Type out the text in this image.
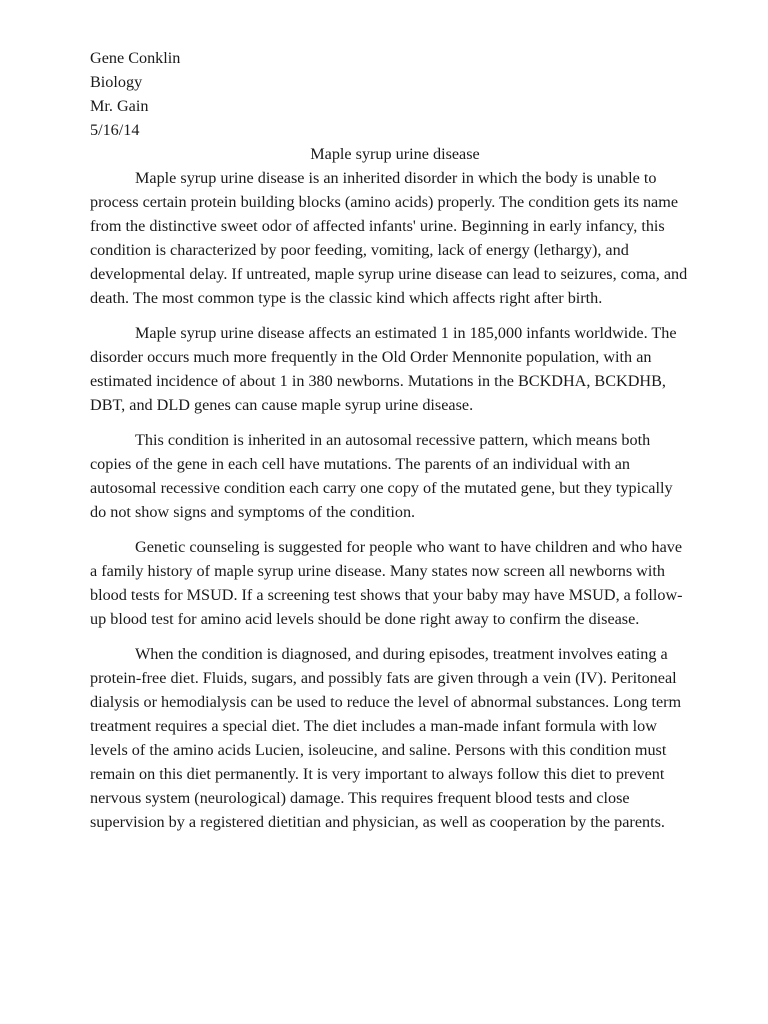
Gene Conklin

Biology

Mr. Gain

5/16/14

Maple syrup urine disease

Maple syrup urine disease is an inherited disorder in which the body is unable to process certain protein building blocks (amino acids) properly. The condition gets its name from the distinctive sweet odor of affected infants' urine. Beginning in early infancy, this condition is characterized by poor feeding, vomiting, lack of energy (lethargy), and developmental delay. If untreated, maple syrup urine disease can lead to seizures, coma, and death. The most common type is the classic kind which affects right after birth.

Maple syrup urine disease affects an estimated 1 in 185,000 infants worldwide. The disorder occurs much more frequently in the Old Order Mennonite population, with an estimated incidence of about 1 in 380 newborns. Mutations in the BCKDHA, BCKDHB, DBT, and DLD genes can cause maple syrup urine disease.

This condition is inherited in an autosomal recessive pattern, which means both copies of the gene in each cell have mutations. The parents of an individual with an autosomal recessive condition each carry one copy of the mutated gene, but they typically do not show signs and symptoms of the condition.

Genetic counseling is suggested for people who want to have children and who have a family history of maple syrup urine disease. Many states now screen all newborns with blood tests for MSUD. If a screening test shows that your baby may have MSUD, a follow-up blood test for amino acid levels should be done right away to confirm the disease.

When the condition is diagnosed, and during episodes, treatment involves eating a protein-free diet. Fluids, sugars, and possibly fats are given through a vein (IV). Peritoneal dialysis or hemodialysis can be used to reduce the level of abnormal substances. Long term treatment requires a special diet. The diet includes a man-made infant formula with low levels of the amino acids Lucien, isoleucine, and saline. Persons with this condition must remain on this diet permanently. It is very important to always follow this diet to prevent nervous system (neurological) damage. This requires frequent blood tests and close supervision by a registered dietitian and physician, as well as cooperation by the parents.
